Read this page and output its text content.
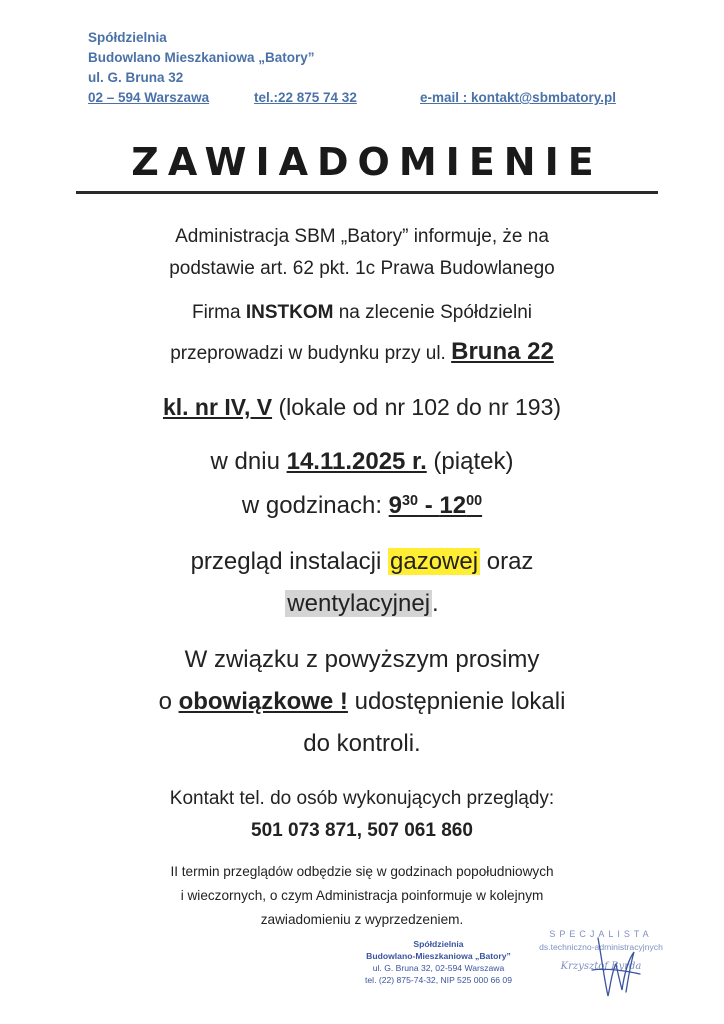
Spółdzielnia
Budowlano Mieszkaniowa „Batory”
ul. G. Bruna 32
02 – 594 Warszawa	tel.:22 875 74 32	e-mail : kontakt@sbmbatory.pl
ZAWIADOMIENIE
Administracja SBM „Batory” informuje, że na
podstawie art. 62 pkt. 1c Prawa Budowlanego
Firma INSTKOM na zlecenie Spółdzielni
przeprowadzi w budynku przy ul. Bruna 22
kl. nr IV, V (lokale od nr 102 do nr 193)
w dniu 14.11.2025 r. (piątek)
w godzinach: $9^{30} - 12^{00}$
przegląd instalacji gazowej oraz
wentylacyjnej.
W związku z powyższym prosimy
o obowiązkowe ! udostępnienie lokali
do kontroli.
Kontakt tel. do osób wykonujących przeglądy:
501 073 871, 507 061 860
II termin przeglądów odbędzie się w godzinach popołudniowych
i wieczornych, o czym Administracja poinformuje w kolejnym
zawiadomieniu z wyprzedzeniem.
Spółdzielnia
Budowlano-Mieszkaniowa „Batory”
ul. G. Bruna 32, 02-594 Warszawa
tel. (22) 875-74-32, NIP 525 000 66 09
SPECJALISTA
ds.techniczno-administracyjnych
Krzysztof Byrda
